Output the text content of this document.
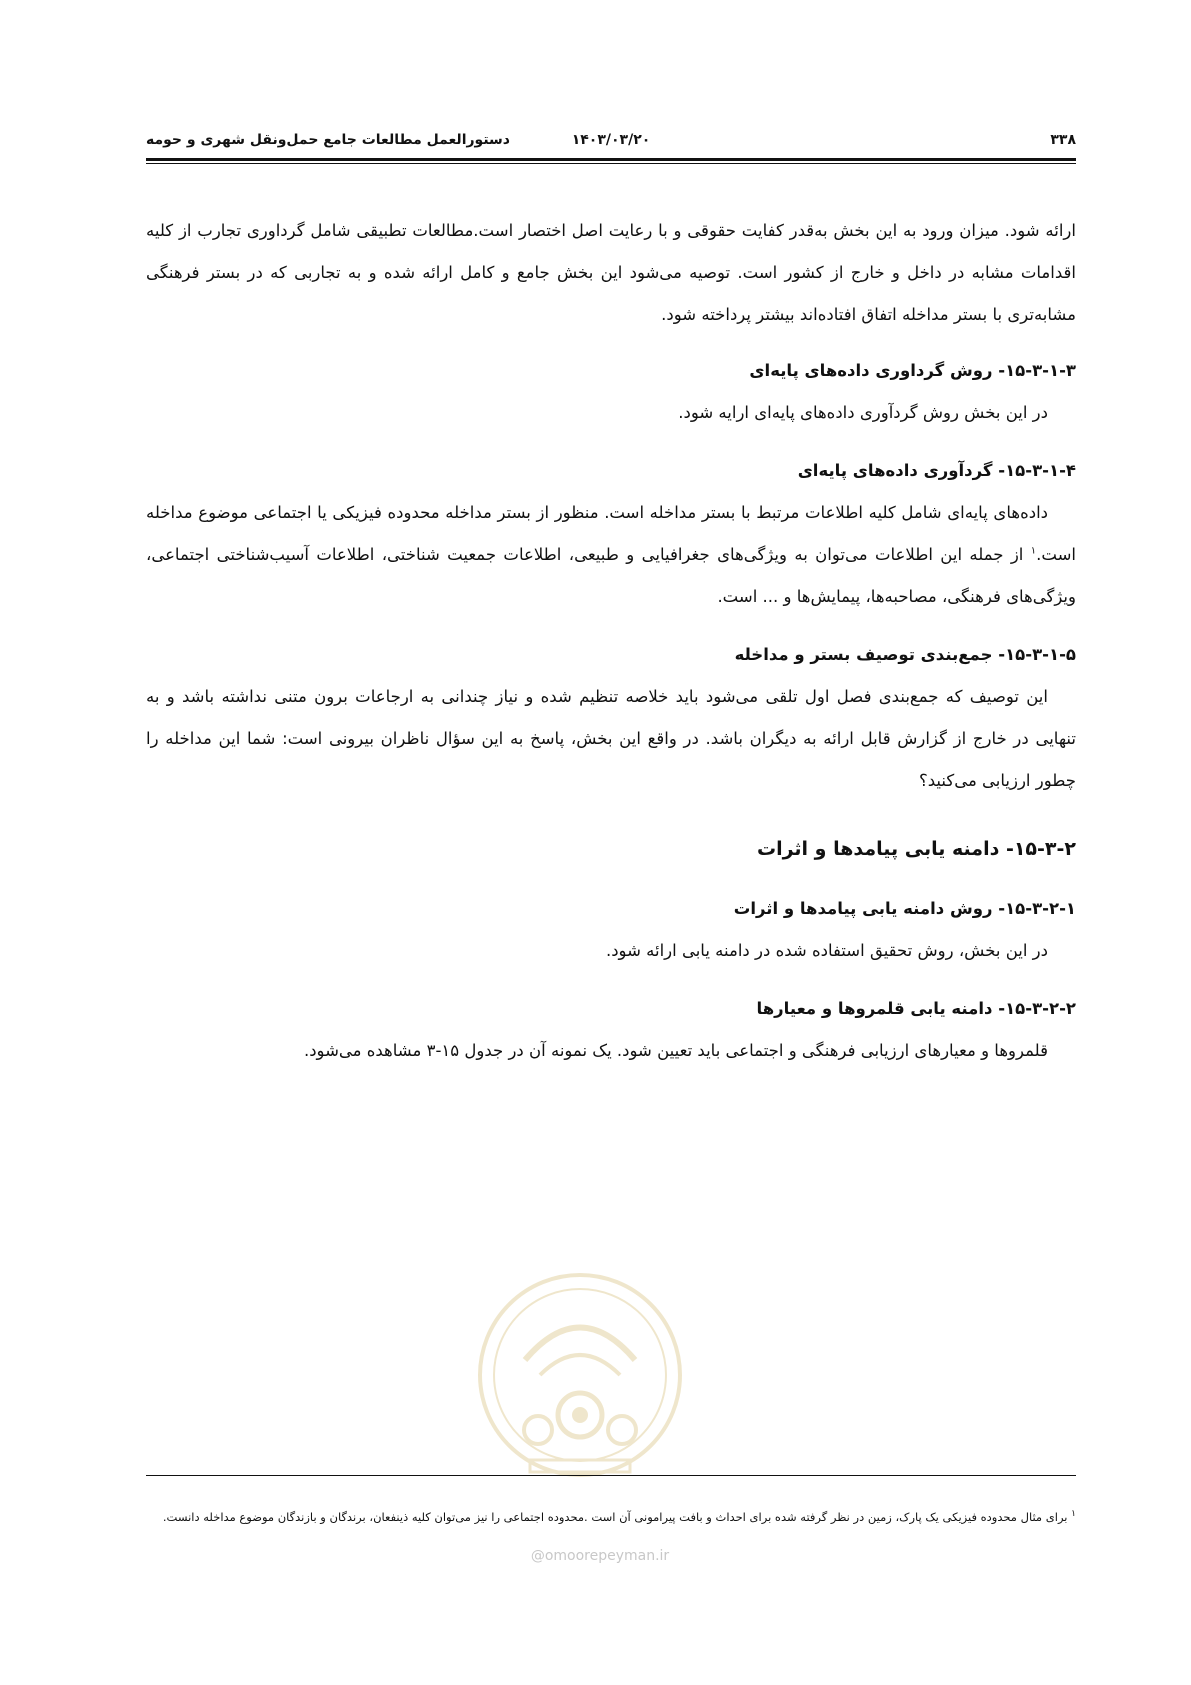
۳۳۸
۱۴۰۳/۰۳/۲۰
دستورالعمل مطالعات جامع حمل‌ونقل شهری و حومه

ارائه شود. میزان ورود به این بخش به‌قدر کفایت حقوقی و با رعایت اصل اختصار است.مطالعات تطبیقی شامل گرداوری تجارب از کلیه اقدامات مشابه در داخل و خارج از کشور است. توصیه می‌شود این بخش جامع و کامل ارائه شده و به تجاربی که در بستر فرهنگی مشابه‌تری با بستر مداخله اتفاق افتاده‌اند بیشتر پرداخته شود.

۱۵-۳-۱-۳- روش گرداوری داده‌های پایه‌ای

در این بخش روش گردآوری داده‌های پایه‌ای ارایه شود.

۱۵-۳-۱-۴- گردآوری داده‌های پایه‌ای

داده‌های پایه‌ای شامل کلیه اطلاعات مرتبط با بستر مداخله است. منظور از بستر مداخله محدوده فیزیکی یا اجتماعی موضوع مداخله است.$^۱$ از جمله این اطلاعات می‌توان به ویژگی‌های جغرافیایی و طبیعی، اطلاعات جمعیت شناختی، اطلاعات آسیب‌شناختی اجتماعی، ویژگی‌های فرهنگی، مصاحبه‌ها، پیمایش‌ها و ... است.

۱۵-۳-۱-۵- جمع‌بندی توصیف بستر و مداخله

این توصیف که جمع‌بندی فصل اول تلقی می‌شود باید خلاصه تنظیم شده و نیاز چندانی به ارجاعات برون متنی نداشته باشد و به تنهایی در خارج از گزارش قابل ارائه به دیگران باشد. در واقع این بخش، پاسخ به این سؤال ناظران بیرونی است: شما این مداخله را چطور ارزیابی می‌کنید؟

۱۵-۳-۲- دامنه یابی پیامدها و اثرات

۱۵-۳-۲-۱- روش دامنه یابی پیامدها و اثرات

در این بخش، روش تحقیق استفاده شده در دامنه یابی ارائه شود.

۱۵-۳-۲-۲- دامنه یابی قلمروها و معیارها

قلمروها و معیارهای ارزیابی فرهنگی و اجتماعی باید تعیین شود. یک نمونه آن در جدول ۱۵-۳ مشاهده می‌شود.

@omoorepeyman.ir
$^۱$ برای مثال محدوده فیزیکی یک پارک، زمین در نظر گرفته شده برای احداث و بافت پیرامونی آن است .محدوده اجتماعی را نیز می‌توان کلیه ذینفعان، برندگان و بازندگان موضوع مداخله دانست.
